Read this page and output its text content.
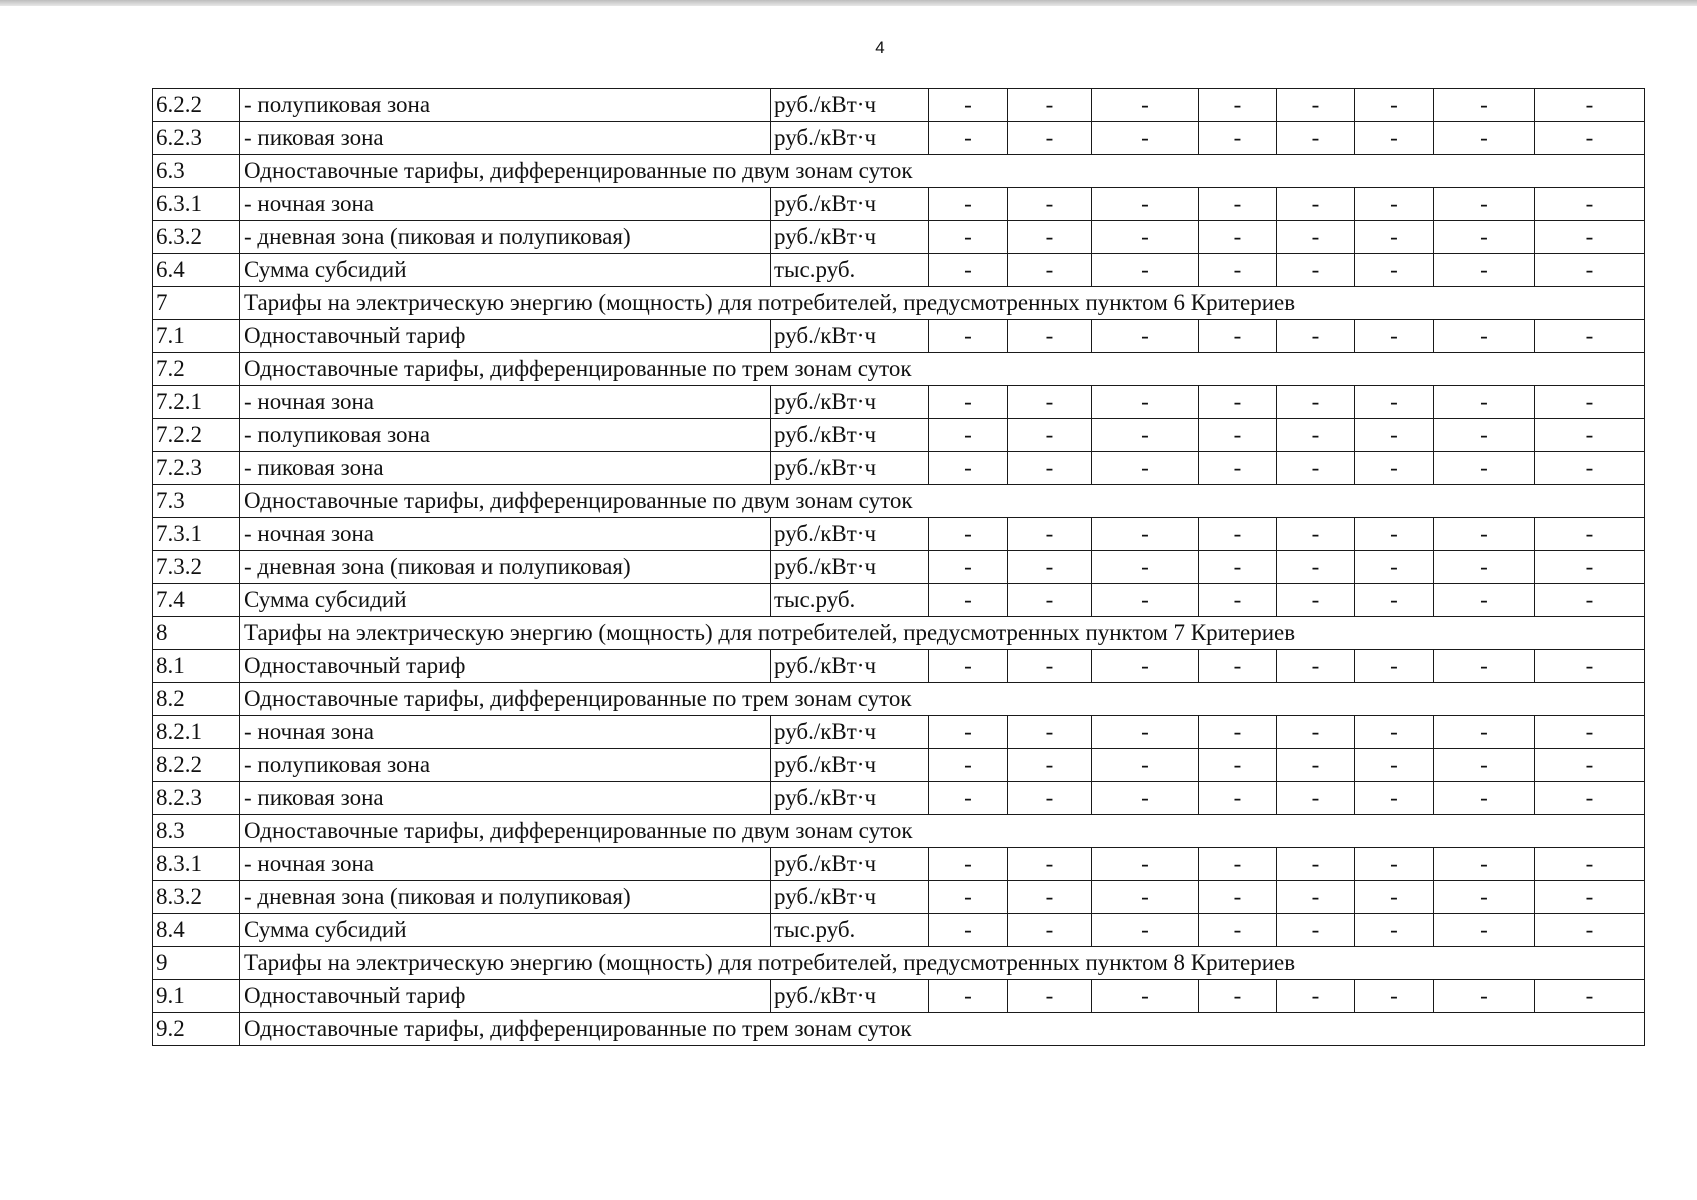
4
6.2.2	- полупиковая зона	руб./кВт·ч	-	-	-	-	-	-	-	-
6.2.3	- пиковая зона	руб./кВт·ч	-	-	-	-	-	-	-	-
6.3	Одноставочные тарифы, дифференцированные по двум зонам суток									
6.3.1	- ночная зона	руб./кВт·ч	-	-	-	-	-	-	-	-
6.3.2	- дневная зона (пиковая и полупиковая)	руб./кВт·ч	-	-	-	-	-	-	-	-
6.4	Сумма субсидий	тыс.руб.	-	-	-	-	-	-	-	-
7	Тарифы на электрическую энергию (мощность) для потребителей, предусмотренных пунктом 6 Критериев									
7.1	Одноставочный тариф	руб./кВт·ч	-	-	-	-	-	-	-	-
7.2	Одноставочные тарифы, дифференцированные по трем зонам суток									
7.2.1	- ночная зона	руб./кВт·ч	-	-	-	-	-	-	-	-
7.2.2	- полупиковая зона	руб./кВт·ч	-	-	-	-	-	-	-	-
7.2.3	- пиковая зона	руб./кВт·ч	-	-	-	-	-	-	-	-
7.3	Одноставочные тарифы, дифференцированные по двум зонам суток									
7.3.1	- ночная зона	руб./кВт·ч	-	-	-	-	-	-	-	-
7.3.2	- дневная зона (пиковая и полупиковая)	руб./кВт·ч	-	-	-	-	-	-	-	-
7.4	Сумма субсидий	тыс.руб.	-	-	-	-	-	-	-	-
8	Тарифы на электрическую энергию (мощность) для потребителей, предусмотренных пунктом 7 Критериев									
8.1	Одноставочный тариф	руб./кВт·ч	-	-	-	-	-	-	-	-
8.2	Одноставочные тарифы, дифференцированные по трем зонам суток									
8.2.1	- ночная зона	руб./кВт·ч	-	-	-	-	-	-	-	-
8.2.2	- полупиковая зона	руб./кВт·ч	-	-	-	-	-	-	-	-
8.2.3	- пиковая зона	руб./кВт·ч	-	-	-	-	-	-	-	-
8.3	Одноставочные тарифы, дифференцированные по двум зонам суток									
8.3.1	- ночная зона	руб./кВт·ч	-	-	-	-	-	-	-	-
8.3.2	- дневная зона (пиковая и полупиковая)	руб./кВт·ч	-	-	-	-	-	-	-	-
8.4	Сумма субсидий	тыс.руб.	-	-	-	-	-	-	-	-
9	Тарифы на электрическую энергию (мощность) для потребителей, предусмотренных пунктом 8 Критериев									
9.1	Одноставочный тариф	руб./кВт·ч	-	-	-	-	-	-	-	-
9.2	Одноставочные тарифы, дифференцированные по трем зонам суток									
